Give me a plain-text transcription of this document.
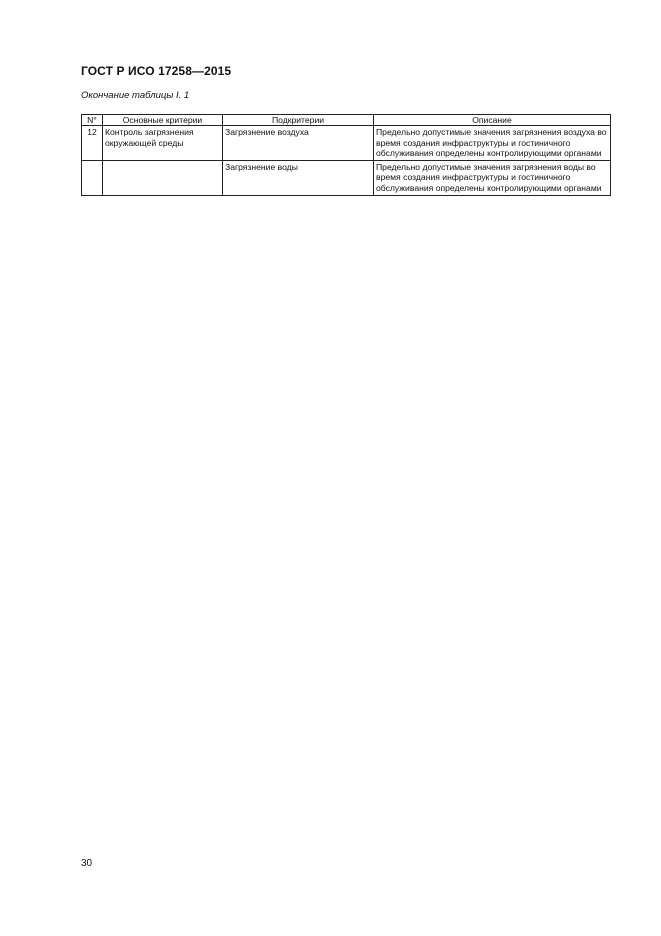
ГОСТ Р ИСО 17258—2015
Окончание таблицы I. 1
N°	Основные критерии	Подкритерии	Описание
12	Контроль загрязнения окружающей среды	Загрязнение воздуха	Предельно допустимые значения загрязнения воздуха во время создания инфраструктуры и гостиничного обслуживания определены контролирующими органами
		Загрязнение воды	Предельно допустимые значения загрязнения воды во время создания инфраструктуры и гостиничного обслуживания определены контролирующими органами
30
